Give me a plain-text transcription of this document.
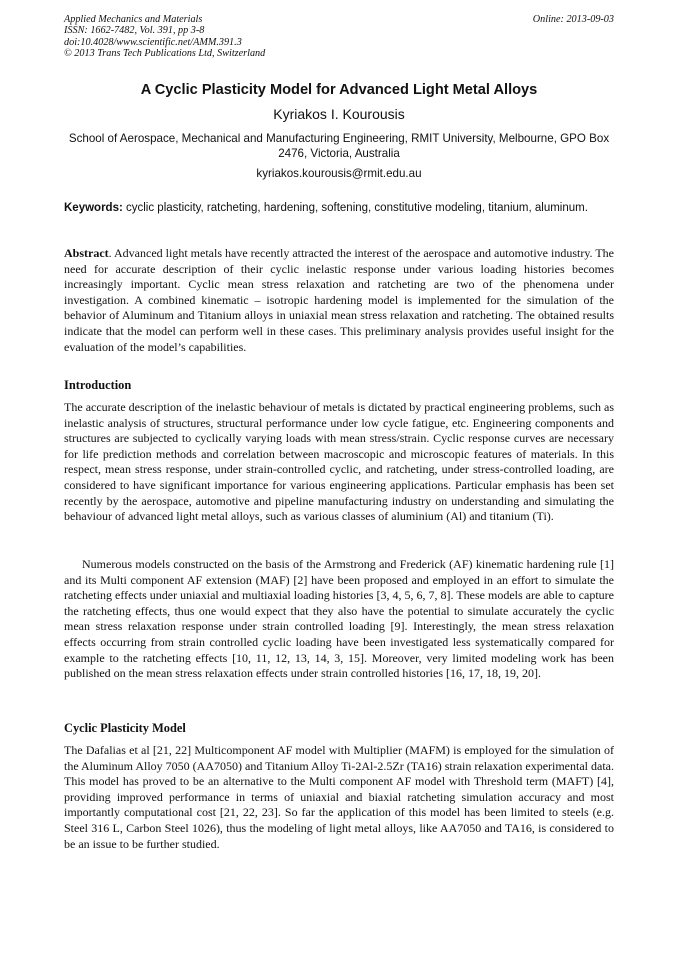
Applied Mechanics and Materials
ISSN: 1662-7482, Vol. 391, pp 3-8
doi:10.4028/www.scientific.net/AMM.391.3
© 2013 Trans Tech Publications Ltd, Switzerland
Online: 2013-09-03
A Cyclic Plasticity Model for Advanced Light Metal Alloys
Kyriakos I. Kourousis
School of Aerospace, Mechanical and Manufacturing Engineering, RMIT University, Melbourne, GPO Box 2476, Victoria, Australia
kyriakos.kourousis@rmit.edu.au
Keywords: cyclic plasticity, ratcheting, hardening, softening, constitutive modeling, titanium, aluminum.
Abstract. Advanced light metals have recently attracted the interest of the aerospace and automotive industry. The need for accurate description of their cyclic inelastic response under various loading histories becomes increasingly important. Cyclic mean stress relaxation and ratcheting are two of the phenomena under investigation. A combined kinematic – isotropic hardening model is implemented for the simulation of the behavior of Aluminum and Titanium alloys in uniaxial mean stress relaxation and ratcheting. The obtained results indicate that the model can perform well in these cases. This preliminary analysis provides useful insight for the evaluation of the model’s capabilities.
Introduction
The accurate description of the inelastic behaviour of metals is dictated by practical engineering problems, such as inelastic analysis of structures, structural performance under low cycle fatigue, etc. Engineering components and structures are subjected to cyclically varying loads with mean stress/strain. Cyclic response curves are necessary for life prediction methods and correlation between macroscopic and microscopic features of materials. In this respect, mean stress response, under strain-controlled cyclic, and ratcheting, under stress-controlled loading, are considered to have significant importance for various engineering applications. Particular emphasis has been set recently by the aerospace, automotive and pipeline manufacturing industry on understanding and simulating the behaviour of advanced light metal alloys, such as various classes of aluminium (Al) and titanium (Ti).
Numerous models constructed on the basis of the Armstrong and Frederick (AF) kinematic hardening rule [1] and its Multi component AF extension (MAF) [2] have been proposed and employed in an effort to simulate the ratcheting effects under uniaxial and multiaxial loading histories [3, 4, 5, 6, 7, 8]. These models are able to capture the ratcheting effects, thus one would expect that they also have the potential to simulate accurately the cyclic mean stress relaxation response under strain controlled loading [9]. Interestingly, the mean stress relaxation effects occurring from strain controlled cyclic loading have been investigated less systematically compared for example to the ratcheting effects [10, 11, 12, 13, 14, 3, 15]. Moreover, very limited modeling work has been published on the mean stress relaxation effects under strain controlled histories [16, 17, 18, 19, 20].
Cyclic Plasticity Model
The Dafalias et al [21, 22] Multicomponent AF model with Multiplier (MAFM) is employed for the simulation of the Aluminum Alloy 7050 (AA7050) and Titanium Alloy Ti-2Al-2.5Zr (TA16) strain relaxation experimental data. This model has proved to be an alternative to the Multi component AF model with Threshold term (MAFT) [4], providing improved performance in terms of uniaxial and biaxial ratcheting simulation accuracy and most importantly computational cost [21, 22, 23]. So far the application of this model has been limited to steels (e.g. Steel 316 L, Carbon Steel 1026), thus the modeling of light metal alloys, like AA7050 and TA16, is considered to be an issue to be further studied.
